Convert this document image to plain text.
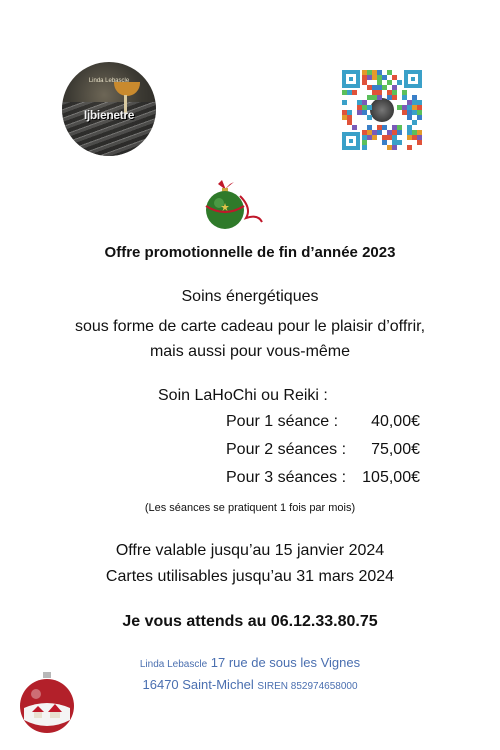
Linda Lebascle
Ijbienetre
Offre promotionnelle de fin d’année 2023
Soins énergétiques
sous forme de carte cadeau pour le plaisir d’offrir,
mais aussi pour vous-même
Soin LaHoChi ou Reiki :
Pour 1 séance :	40,00€
Pour 2 séances :	75,00€
Pour 3 séances :	105,00€
(Les séances se pratiquent 1 fois par mois)
Offre valable jusqu’au 15 janvier 2024
Cartes utilisables jusqu’au 31 mars 2024
Je vous attends au 06.12.33.80.75
Linda Lebascle 17 rue de sous les Vignes
16470 Saint-Michel SIREN 852974658000
